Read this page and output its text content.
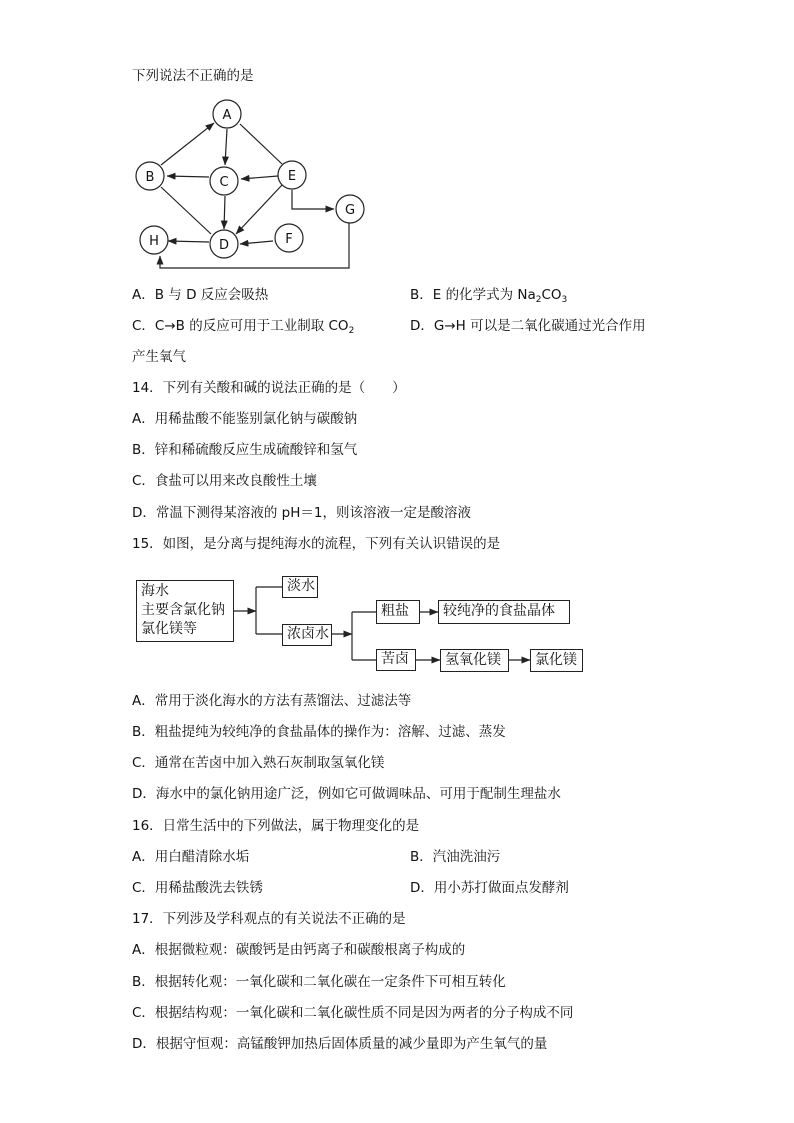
下列说法不正确的是
A
B	C
D
E
F
G
H
A．B 与 D 反应会吸热	B．E 的化学式为 $Na_2CO_3$
C．C→B 的反应可用于工业制取 $CO_2$	D．G→H 可以是二氧化碳通过光合作用
产生氧气
14．下列有关酸和碱的说法正确的是（　　）
A．用稀盐酸不能鉴别氯化钠与碳酸钠
B．锌和稀硫酸反应生成硫酸锌和氢气
C．食盐可以用来改良酸性土壤
D．常温下测得某溶液的 pH＝1，则该溶液一定是酸溶液
15．如图，是分离与提纯海水的流程，下列有关认识错误的是
海水
主要含氯化钠
氯化镁等
淡水
浓卤水
粗盐	较纯净的食盐晶体
苦卤	氢氧化镁	氯化镁
A．常用于淡化海水的方法有蒸馏法、过滤法等
B．粗盐提纯为较纯净的食盐晶体的操作为：溶解、过滤、蒸发
C．通常在苦卤中加入熟石灰制取氢氧化镁
D．海水中的氯化钠用途广泛，例如它可做调味品、可用于配制生理盐水
16．日常生活中的下列做法，属于物理变化的是
A．用白醋清除水垢	B．汽油洗油污
C．用稀盐酸洗去铁锈	D．用小苏打做面点发酵剂
17．下列涉及学科观点的有关说法不正确的是
A．根据微粒观：碳酸钙是由钙离子和碳酸根离子构成的
B．根据转化观：一氧化碳和二氧化碳在一定条件下可相互转化
C．根据结构观：一氧化碳和二氧化碳性质不同是因为两者的分子构成不同
D．根据守恒观：高锰酸钾加热后固体质量的减少量即为产生氧气的量
